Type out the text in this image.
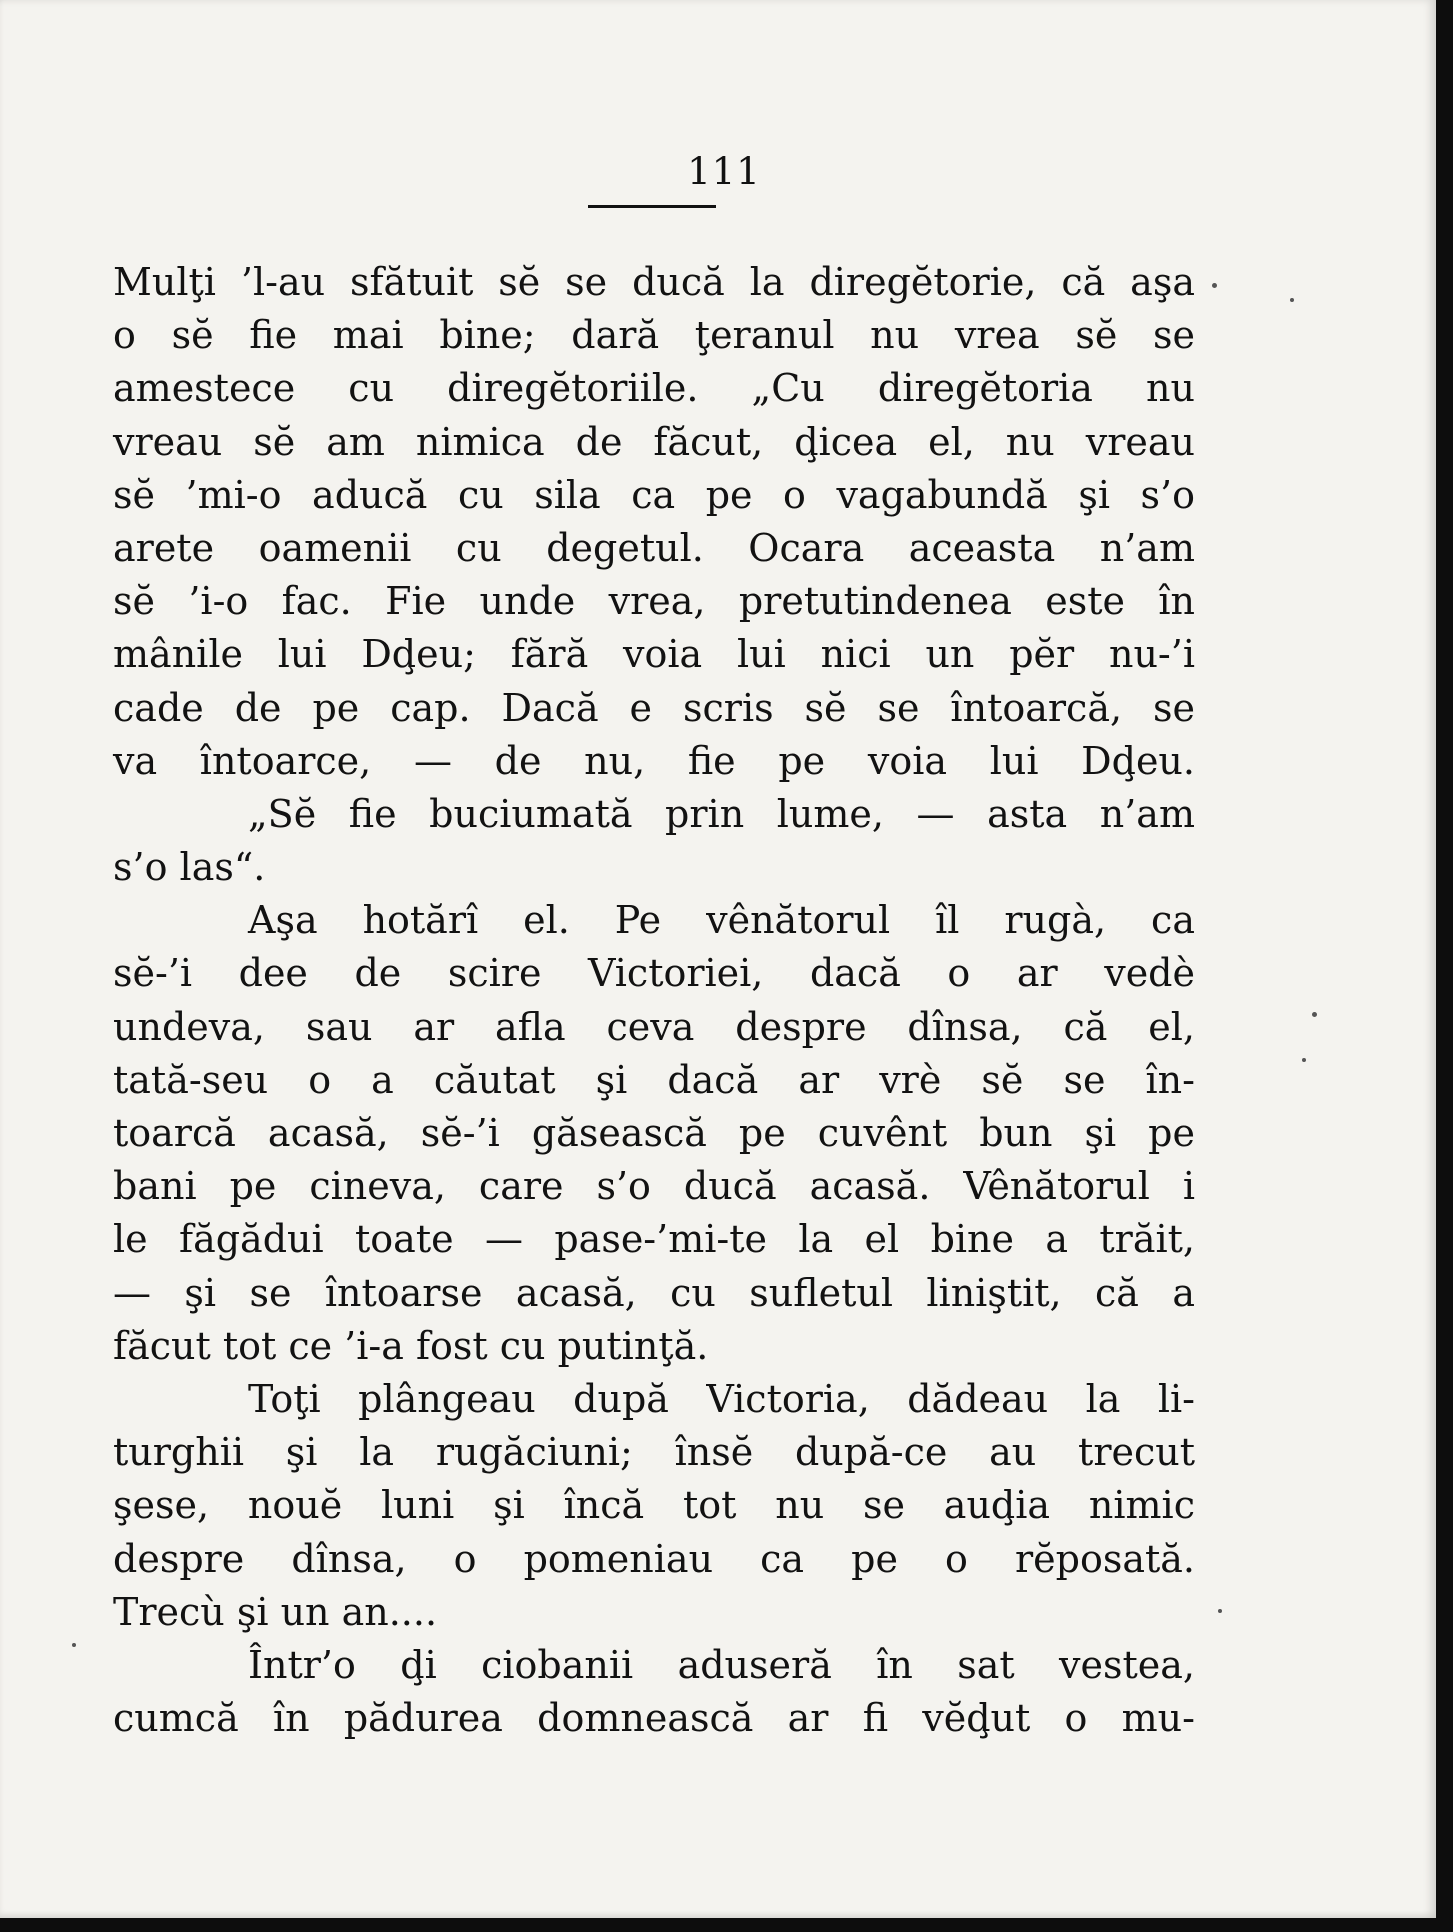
111
Mulţi ’l-au sfătuit sĕ se ducă la diregĕtorie, că aşa
o sĕ fie mai bine; dară ţeranul nu vrea sĕ se
amestece cu diregĕtoriile. „Cu diregĕtoria nu
vreau sĕ am nimica de făcut, ḑicea el, nu vreau
sĕ ’mi-o aducă cu sila ca pe o vagabundă şi s’o
arete oamenii cu degetul. Ocara aceasta n’am
sĕ ’i-o fac. Fie unde vrea, pretutindenea este în
mânile lui Dḑeu; fără voia lui nici un pĕr nu-’i
cade de pe cap. Dacă e scris sĕ se întoarcă, se
va întoarce, — de nu, fie pe voia lui Dḑeu.
„Sĕ fie buciumată prin lume, — asta n’am
s’o las“.
Aşa hotărî el. Pe vênătorul îl rugà, ca
sĕ-’i dee de scire Victoriei, dacă o ar vedè
undeva, sau ar afla ceva despre dînsa, că el,
tată-seu o a căutat şi dacă ar vrè sĕ se în-
toarcă acasă, sĕ-’i găsească pe cuvênt bun şi pe
bani pe cineva, care s’o ducă acasă. Vênătorul i
le făgădui toate — pase-’mi-te la el bine a trăit,
— şi se întoarse acasă, cu sufletul liniştit, că a
făcut tot ce ’i-a fost cu putinţă.
Toţi plângeau după Victoria, dădeau la li-
turghii şi la rugăciuni; însĕ după-ce au trecut
şese, nouĕ luni şi încă tot nu se auḑia nimic
despre dînsa, o pomeniau ca pe o rĕposată.
Trecù şi un an....
Într’o ḑi ciobanii aduseră în sat vestea,
cumcă în pădurea domnească ar fi vĕḑut o mu-
